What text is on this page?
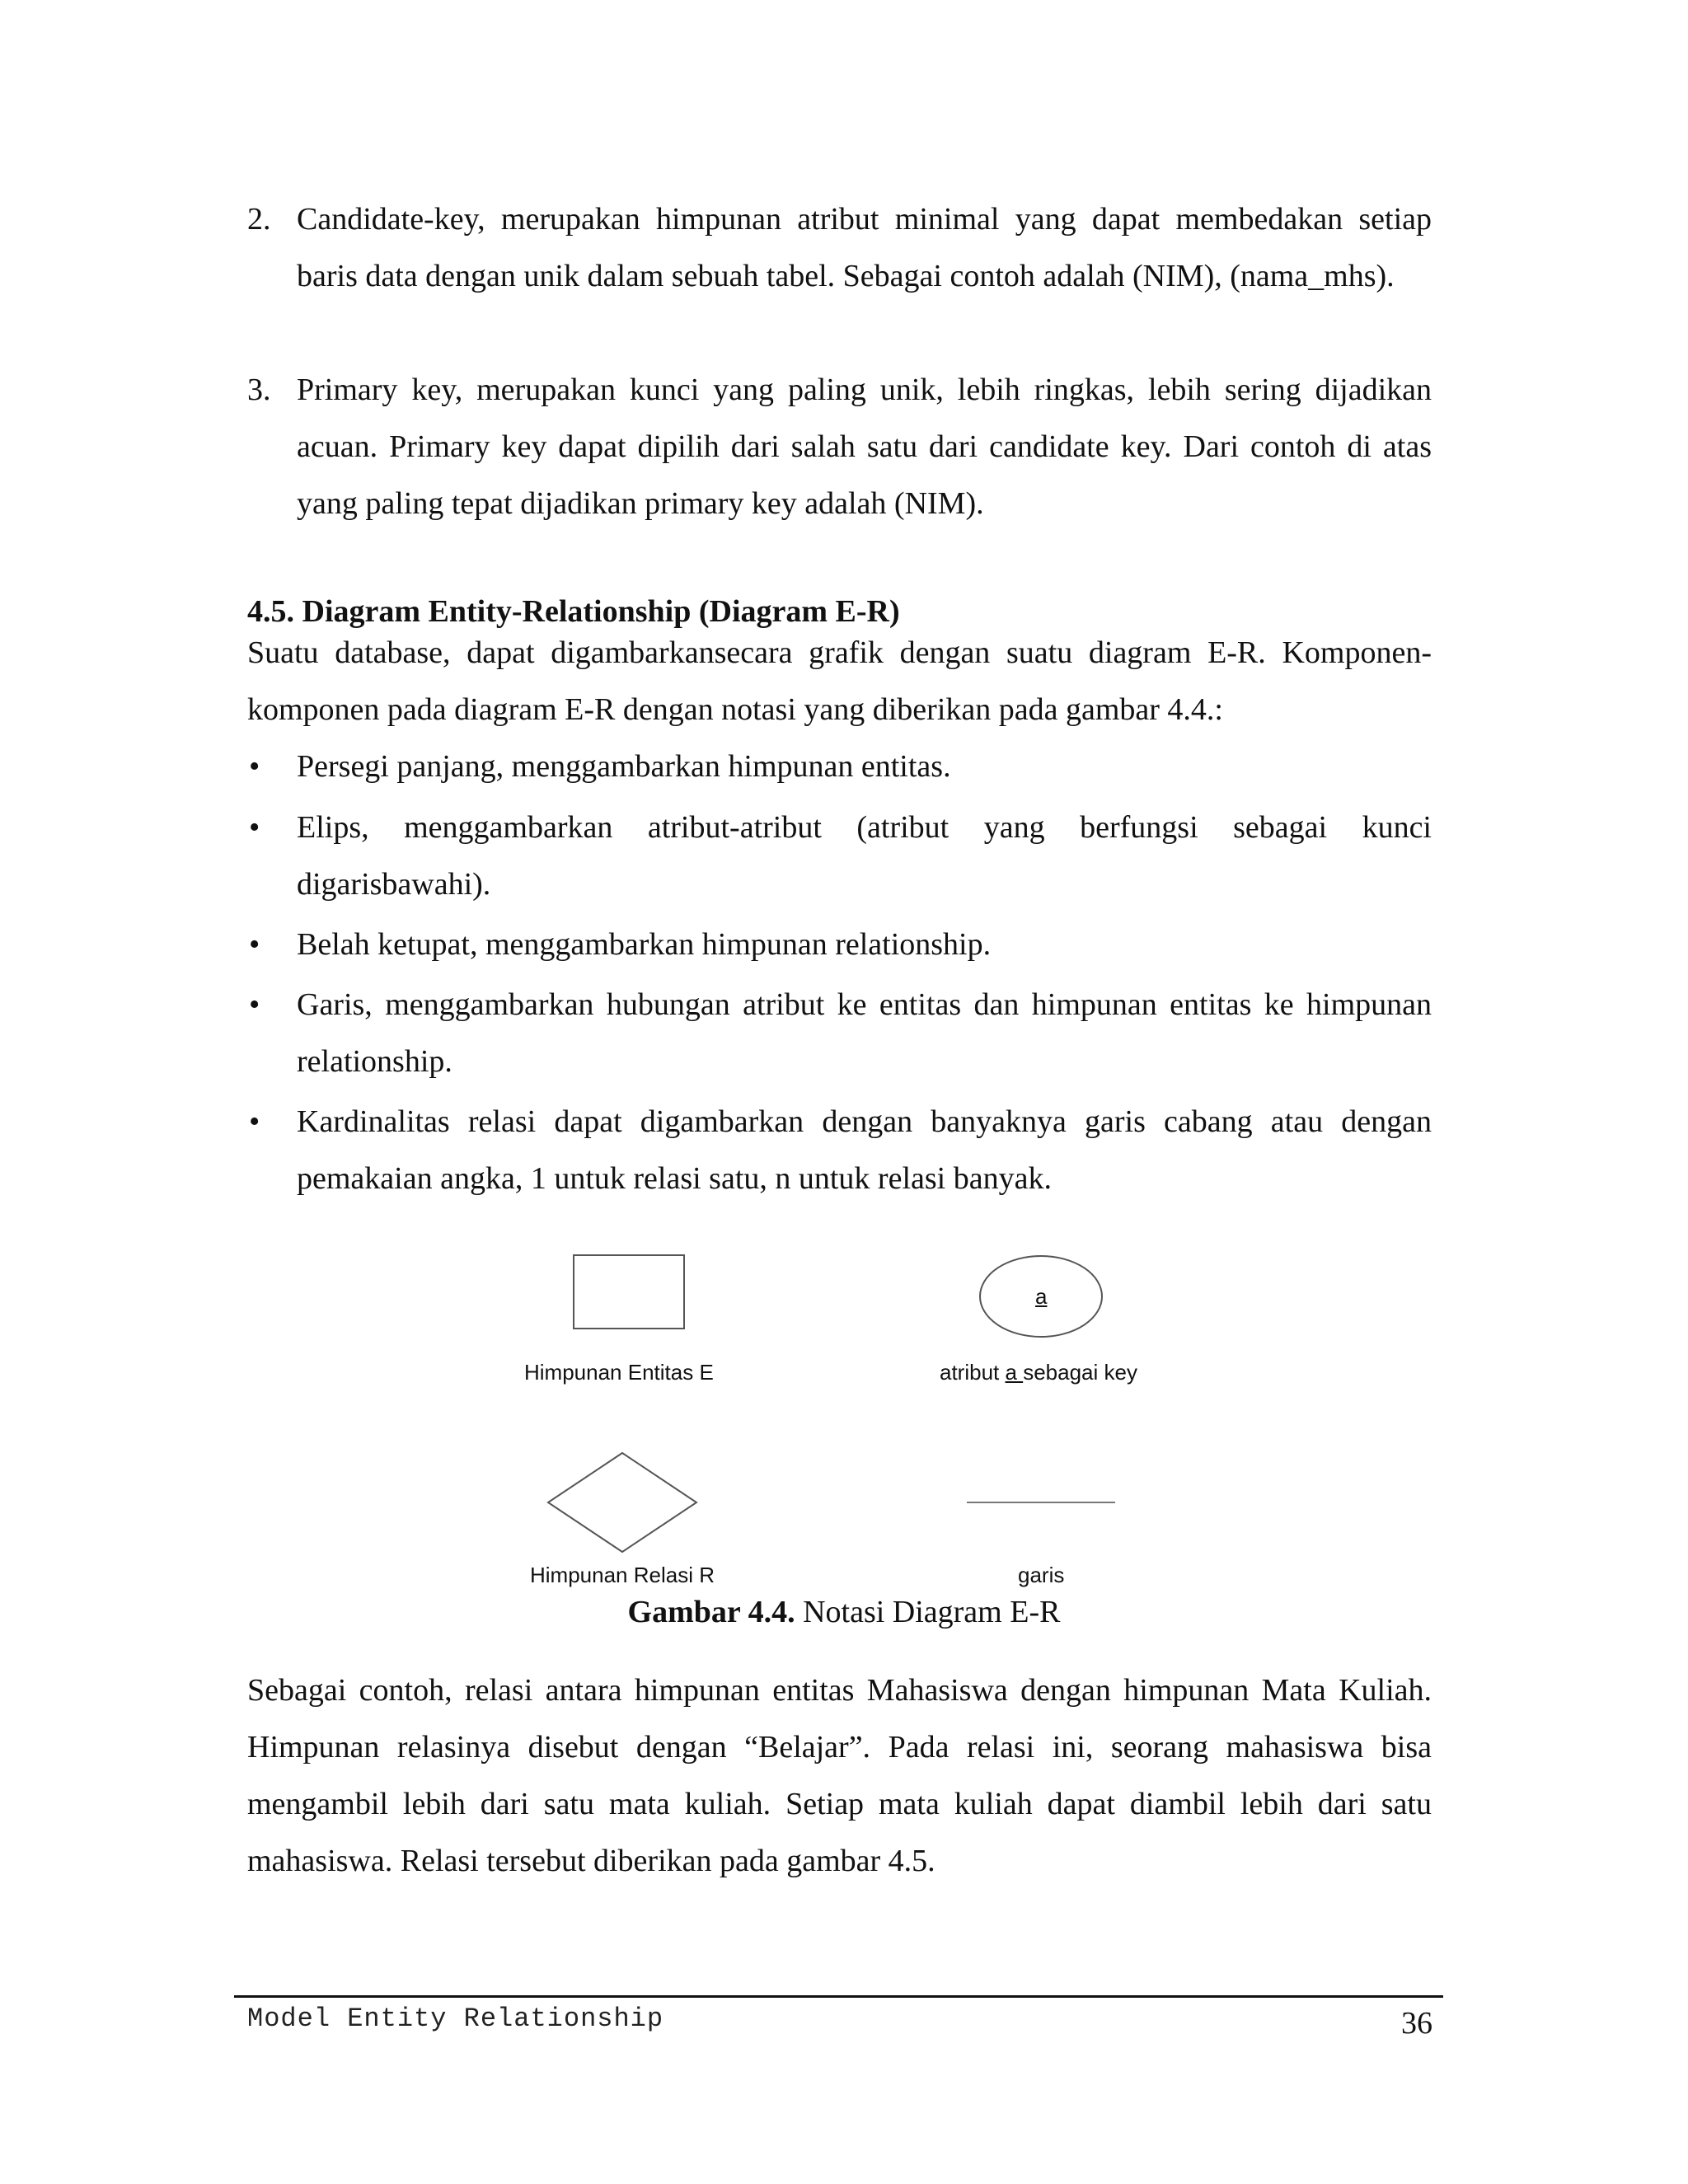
2. Candidate-key, merupakan himpunan atribut minimal yang dapat membedakan setiap baris data dengan unik dalam sebuah tabel. Sebagai contoh adalah (NIM), (nama_mhs).
3. Primary key, merupakan kunci yang paling unik, lebih ringkas, lebih sering dijadikan acuan. Primary key dapat dipilih dari salah satu dari candidate key. Dari contoh di atas yang paling tepat dijadikan primary key adalah (NIM).
4.5. Diagram Entity-Relationship (Diagram E-R)
Suatu database, dapat digambarkansecara grafik dengan suatu diagram E-R. Komponen-komponen pada diagram E-R dengan notasi yang diberikan pada gambar 4.4.:
• Persegi panjang, menggambarkan himpunan entitas.
• Elips, menggambarkan atribut-atribut (atribut yang berfungsi sebagai kunci digarisbawahi).
• Belah ketupat, menggambarkan himpunan relationship.
• Garis, menggambarkan hubungan atribut ke entitas dan himpunan entitas ke himpunan relationship.
• Kardinalitas relasi dapat digambarkan dengan banyaknya garis cabang atau dengan pemakaian angka, 1 untuk relasi satu, n untuk relasi banyak.
a
Himpunan Entitas E	atribut a sebagai key
Himpunan Relasi R	garis
Gambar 4.4. Notasi Diagram E-R
Sebagai contoh, relasi antara himpunan entitas Mahasiswa dengan himpunan Mata Kuliah. Himpunan relasinya disebut dengan “Belajar”. Pada relasi ini, seorang mahasiswa bisa mengambil lebih dari satu mata kuliah. Setiap mata kuliah dapat diambil lebih dari satu mahasiswa. Relasi tersebut diberikan pada gambar 4.5.
Model Entity Relationship	36
